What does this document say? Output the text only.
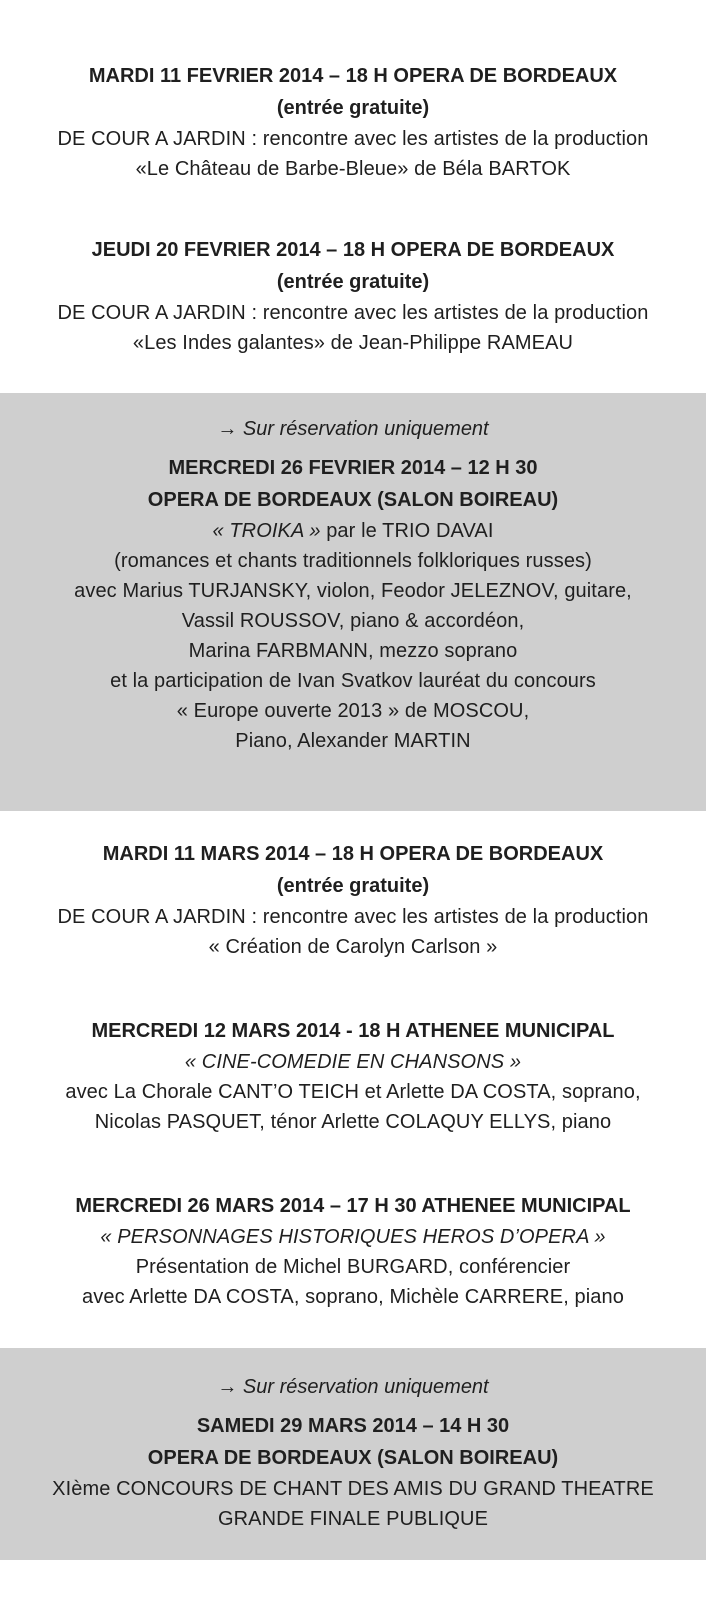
MARDI 11 FEVRIER 2014 – 18 H OPERA DE BORDEAUX
(entrée gratuite)
DE COUR A JARDIN : rencontre avec les artistes de la production
«Le Château de Barbe-Bleue» de Béla BARTOK
JEUDI 20 FEVRIER 2014 – 18 H OPERA DE BORDEAUX
(entrée gratuite)
DE COUR A JARDIN : rencontre avec les artistes de la production
«Les Indes galantes» de Jean-Philippe RAMEAU
→ Sur réservation uniquement
MERCREDI 26 FEVRIER 2014 – 12 H 30
OPERA DE BORDEAUX (SALON BOIREAU)
« TROIKA » par le TRIO DAVAI
(romances et chants traditionnels folkloriques russes)
avec Marius TURJANSKY, violon, Feodor JELEZNOV, guitare,
Vassil ROUSSOV, piano & accordéon,
Marina FARBMANN, mezzo soprano
et la participation de Ivan Svatkov lauréat du concours
« Europe ouverte 2013 » de MOSCOU,
Piano, Alexander MARTIN
MARDI 11 MARS 2014 – 18 H OPERA DE BORDEAUX
(entrée gratuite)
DE COUR A JARDIN : rencontre avec les artistes de la production
« Création de Carolyn Carlson »
MERCREDI 12 MARS 2014 - 18 H ATHENEE MUNICIPAL
« CINE-COMEDIE EN CHANSONS »
avec La Chorale CANT’O TEICH et Arlette DA COSTA, soprano,
Nicolas PASQUET, ténor Arlette COLAQUY ELLYS, piano
MERCREDI 26 MARS 2014 – 17 H 30 ATHENEE MUNICIPAL
« PERSONNAGES HISTORIQUES HEROS D’OPERA »
Présentation de Michel BURGARD, conférencier
avec Arlette DA COSTA, soprano, Michèle CARRERE, piano
→ Sur réservation uniquement
SAMEDI 29 MARS 2014 – 14 H 30
OPERA DE BORDEAUX (SALON BOIREAU)
XIème CONCOURS DE CHANT DES AMIS DU GRAND THEATRE
GRANDE FINALE PUBLIQUE
